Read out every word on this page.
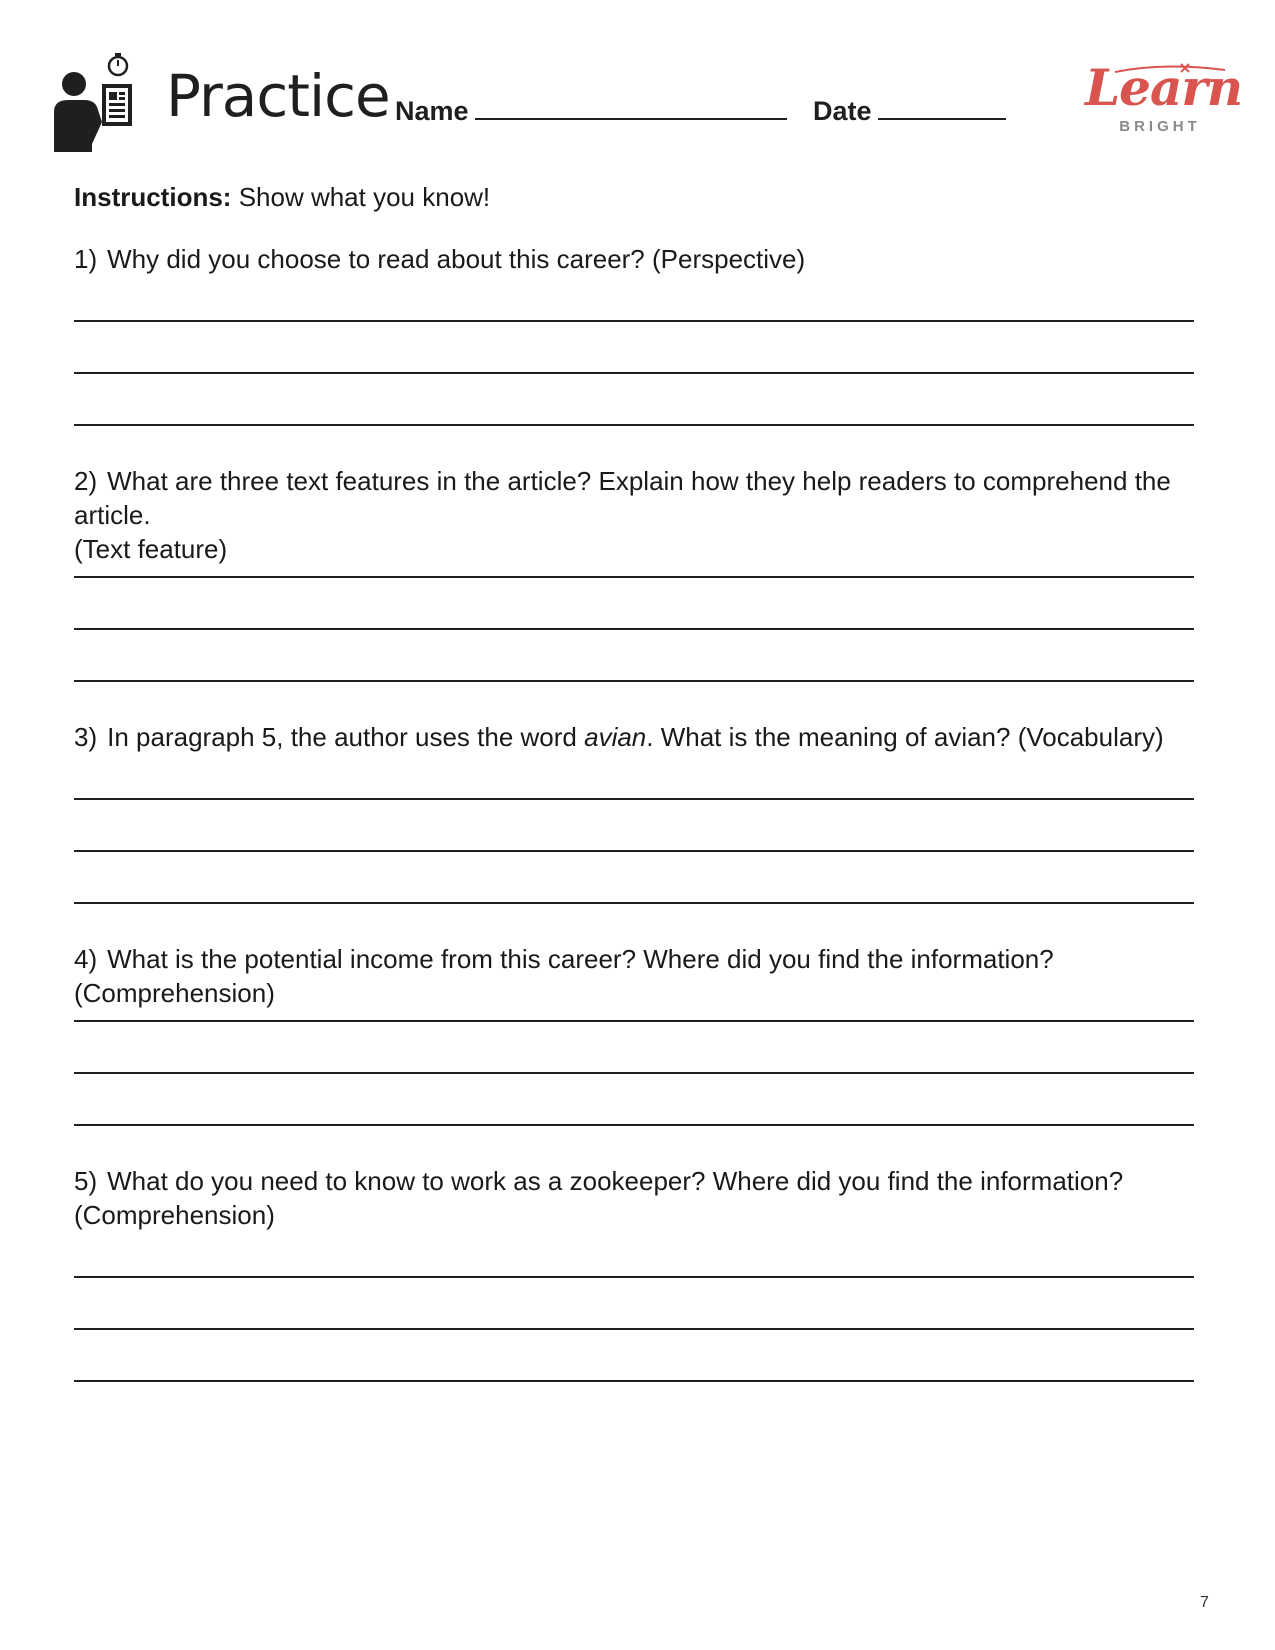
Practice Name	Date	Learn
BRIGHT
Instructions: Show what you know!
1) Why did you choose to read about this career? (Perspective)
2) What are three text features in the article? Explain how they help readers to comprehend the article.
(Text feature)
3) In paragraph 5, the author uses the word avian. What is the meaning of avian? (Vocabulary)
4) What is the potential income from this career? Where did you find the information? (Comprehension)
5) What do you need to know to work as a zookeeper? Where did you find the information?
(Comprehension)
7
